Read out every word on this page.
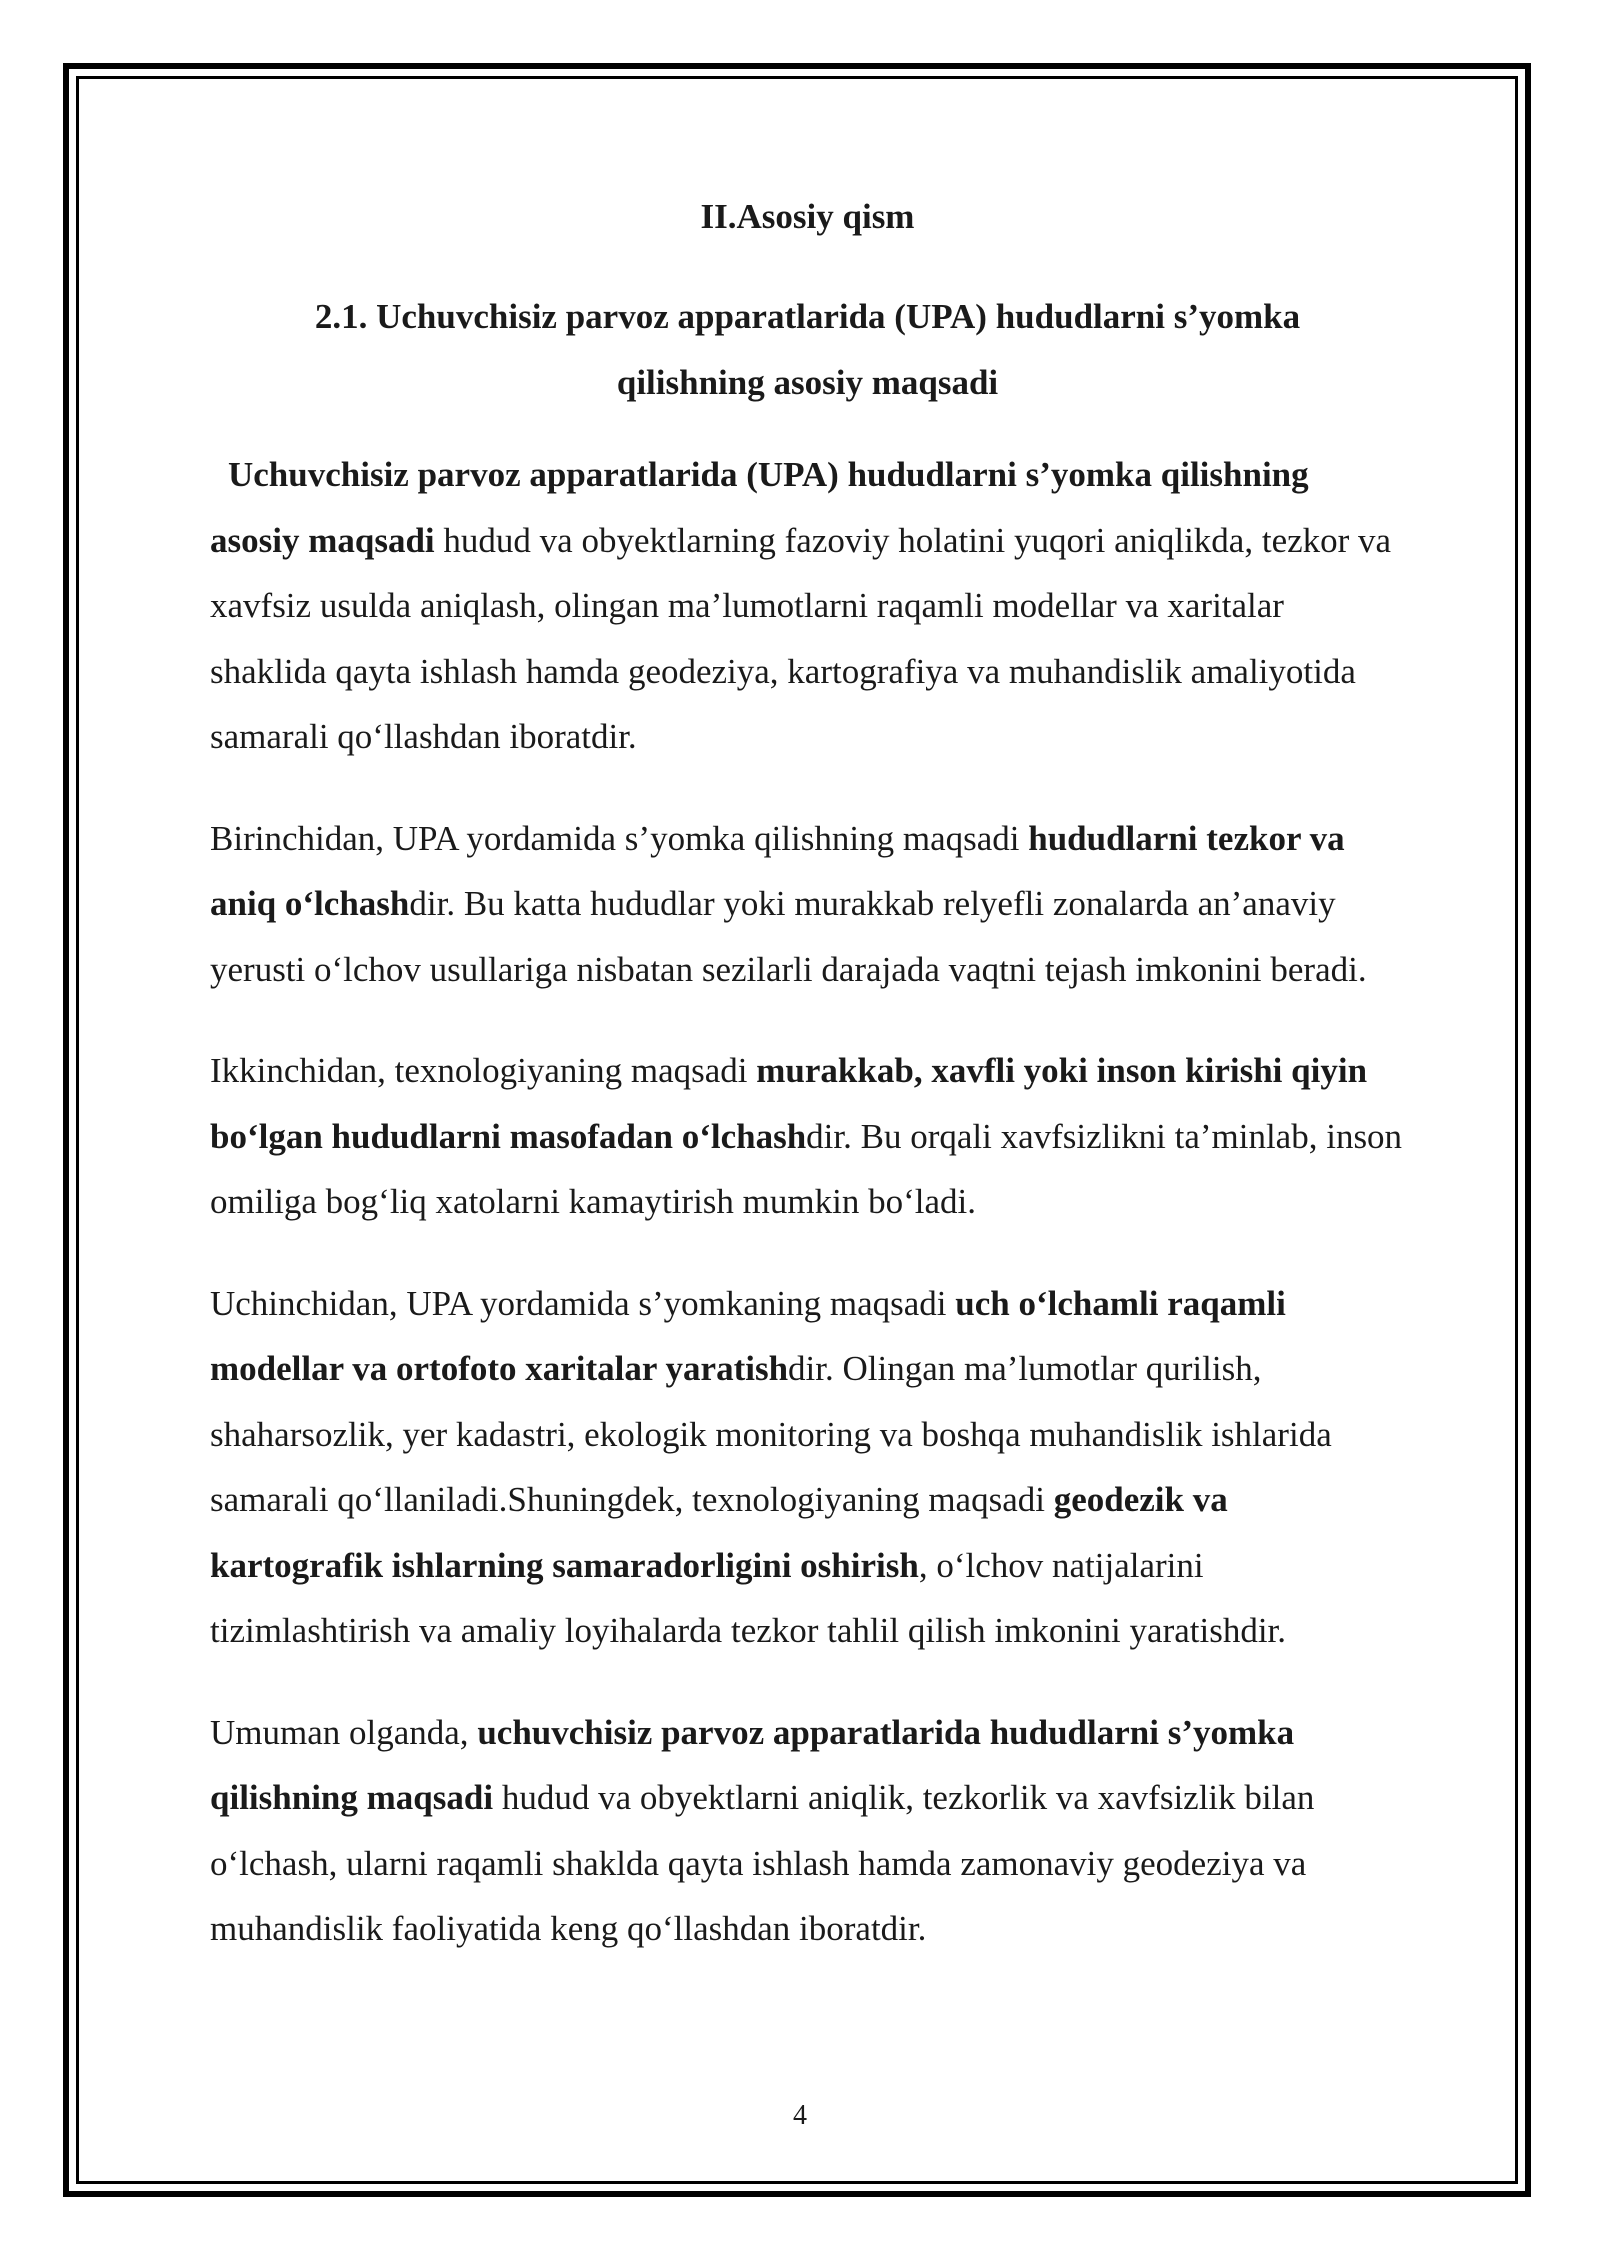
II.Asosiy qism
2.1. Uchuvchisiz parvoz apparatlarida (UPA) hududlarni s’yomka
qilishning asosiy maqsadi

Uchuvchisiz parvoz apparatlarida (UPA) hududlarni s’yomka qilishning asosiy maqsadi hudud va obyektlarning fazoviy holatini yuqori aniqlikda, tezkor va xavfsiz usulda aniqlash, olingan ma’lumotlarni raqamli modellar va xaritalar shaklida qayta ishlash hamda geodeziya, kartografiya va muhandislik amaliyotida samarali qo‘llashdan iboratdir.

Birinchidan, UPA yordamida s’yomka qilishning maqsadi hududlarni tezkor va aniq o‘lchashdir. Bu katta hududlar yoki murakkab relyefli zonalarda an’anaviy yerusti o‘lchov usullariga nisbatan sezilarli darajada vaqtni tejash imkonini beradi.

Ikkinchidan, texnologiyaning maqsadi murakkab, xavfli yoki inson kirishi qiyin bo‘lgan hududlarni masofadan o‘lchashdir. Bu orqali xavfsizlikni ta’minlab, inson omiliga bog‘liq xatolarni kamaytirish mumkin bo‘ladi.

Uchinchidan, UPA yordamida s’yomkaning maqsadi uch o‘lchamli raqamli modellar va ortofoto xaritalar yaratishdir. Olingan ma’lumotlar qurilish, shaharsozlik, yer kadastri, ekologik monitoring va boshqa muhandislik ishlarida samarali qo‘llaniladi.Shuningdek, texnologiyaning maqsadi geodezik va kartografik ishlarning samaradorligini oshirish, o‘lchov natijalarini tizimlashtirish va amaliy loyihalarda tezkor tahlil qilish imkonini yaratishdir.

Umuman olganda, uchuvchisiz parvoz apparatlarida hududlarni s’yomka qilishning maqsadi hudud va obyektlarni aniqlik, tezkorlik va xavfsizlik bilan o‘lchash, ularni raqamli shaklda qayta ishlash hamda zamonaviy geodeziya va muhandislik faoliyatida keng qo‘llashdan iboratdir.

4
